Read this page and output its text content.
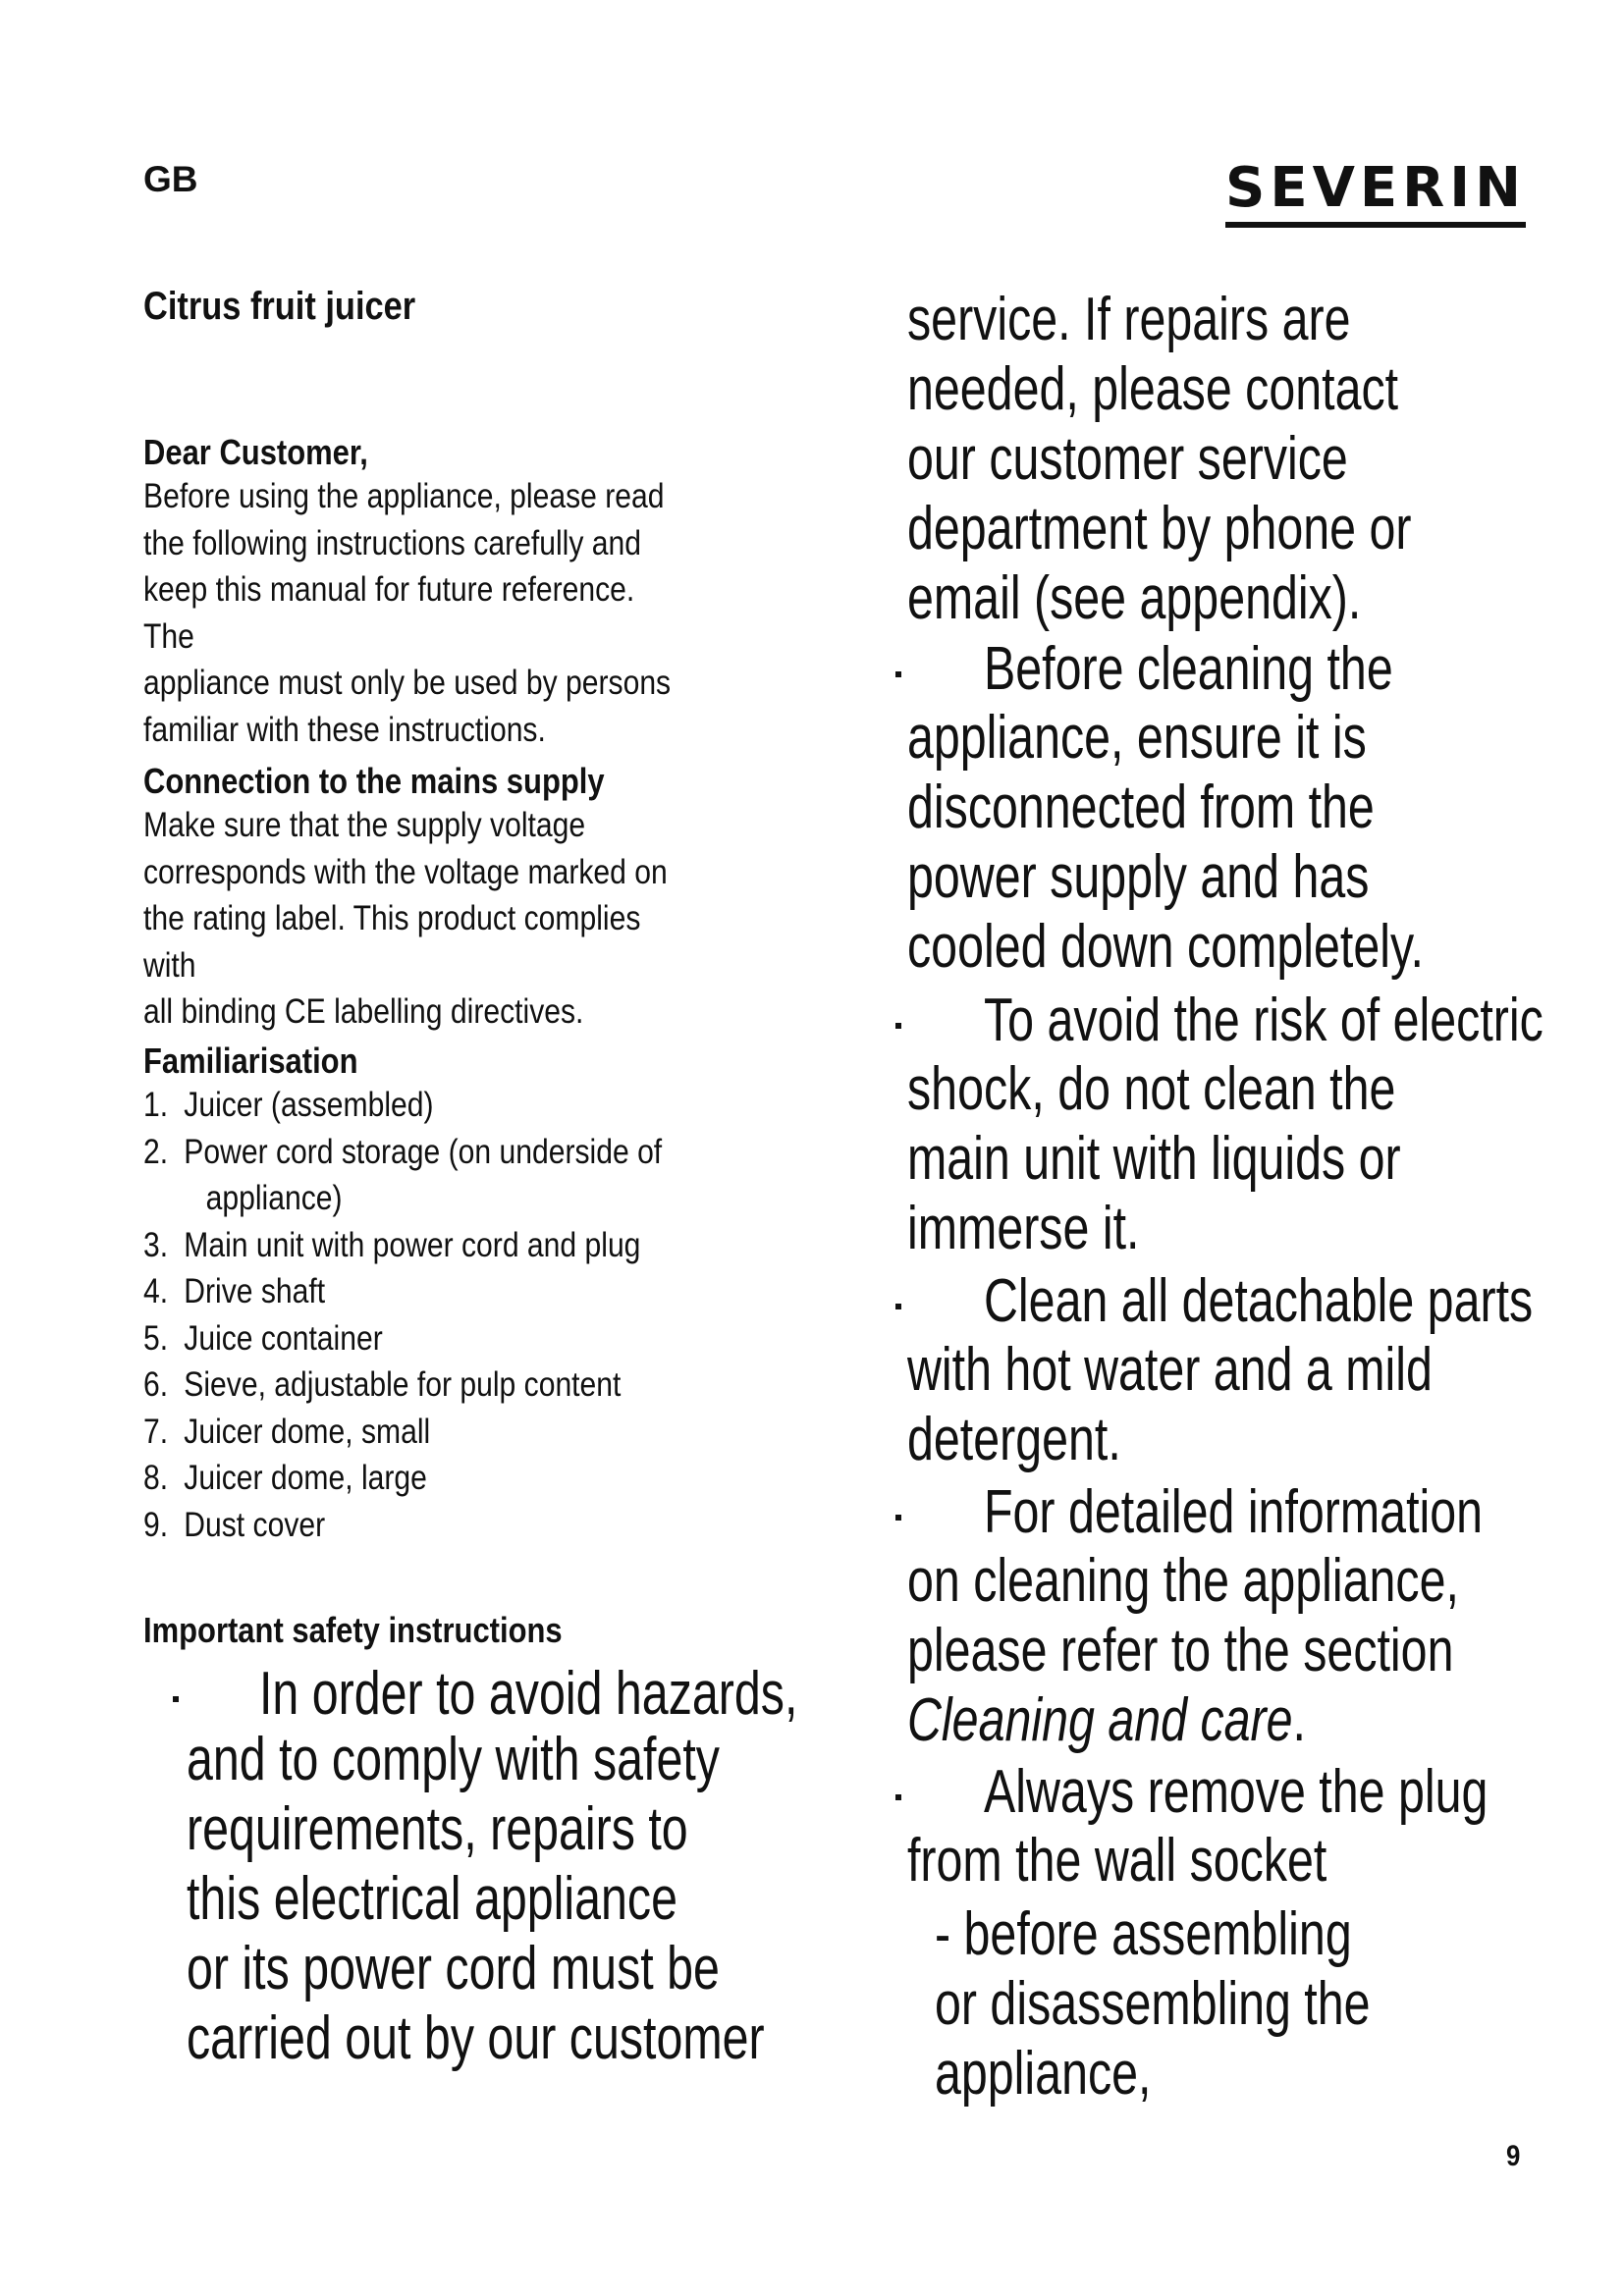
GB	SEVERIN
Citrus fruit juicer
Dear Customer,

Before using the appliance, please read
the following instructions carefully and
keep this manual for future reference. The
appliance must only be used by persons
familiar with these instructions.

Connection to the mains supply

Make sure that the supply voltage
corresponds with the voltage marked on
the rating label. This product complies with
all binding CE labelling directives.

Familiarisation
1. Juicer (assembled)
2. Power cord storage (on underside of
appliance)
3. Main unit with power cord and plug
4. Drive shaft
5. Juice container
6. Sieve, adjustable for pulp content
7. Juicer dome, small
8. Juicer dome, large
9. Dust cover
Important safety instructions

In order to avoid hazards,

and to comply with safety
requirements, repairs to
this electrical appliance
or its power cord must be
carried out by our customer

service. If repairs are
needed, please contact
our customer service
department by phone or
email (see appendix).

Before cleaning the

appliance, ensure it is
disconnected from the
power supply and has
cooled down completely.

To avoid the risk of electric

shock, do not clean the
main unit with liquids or
immerse it.

Clean all detachable parts

with hot water and a mild
detergent.

For detailed information

on cleaning the appliance,
please refer to the section
Cleaning and care.

Always remove the plug

from the wall socket

- before assembling
or disassembling the
appliance,

9
